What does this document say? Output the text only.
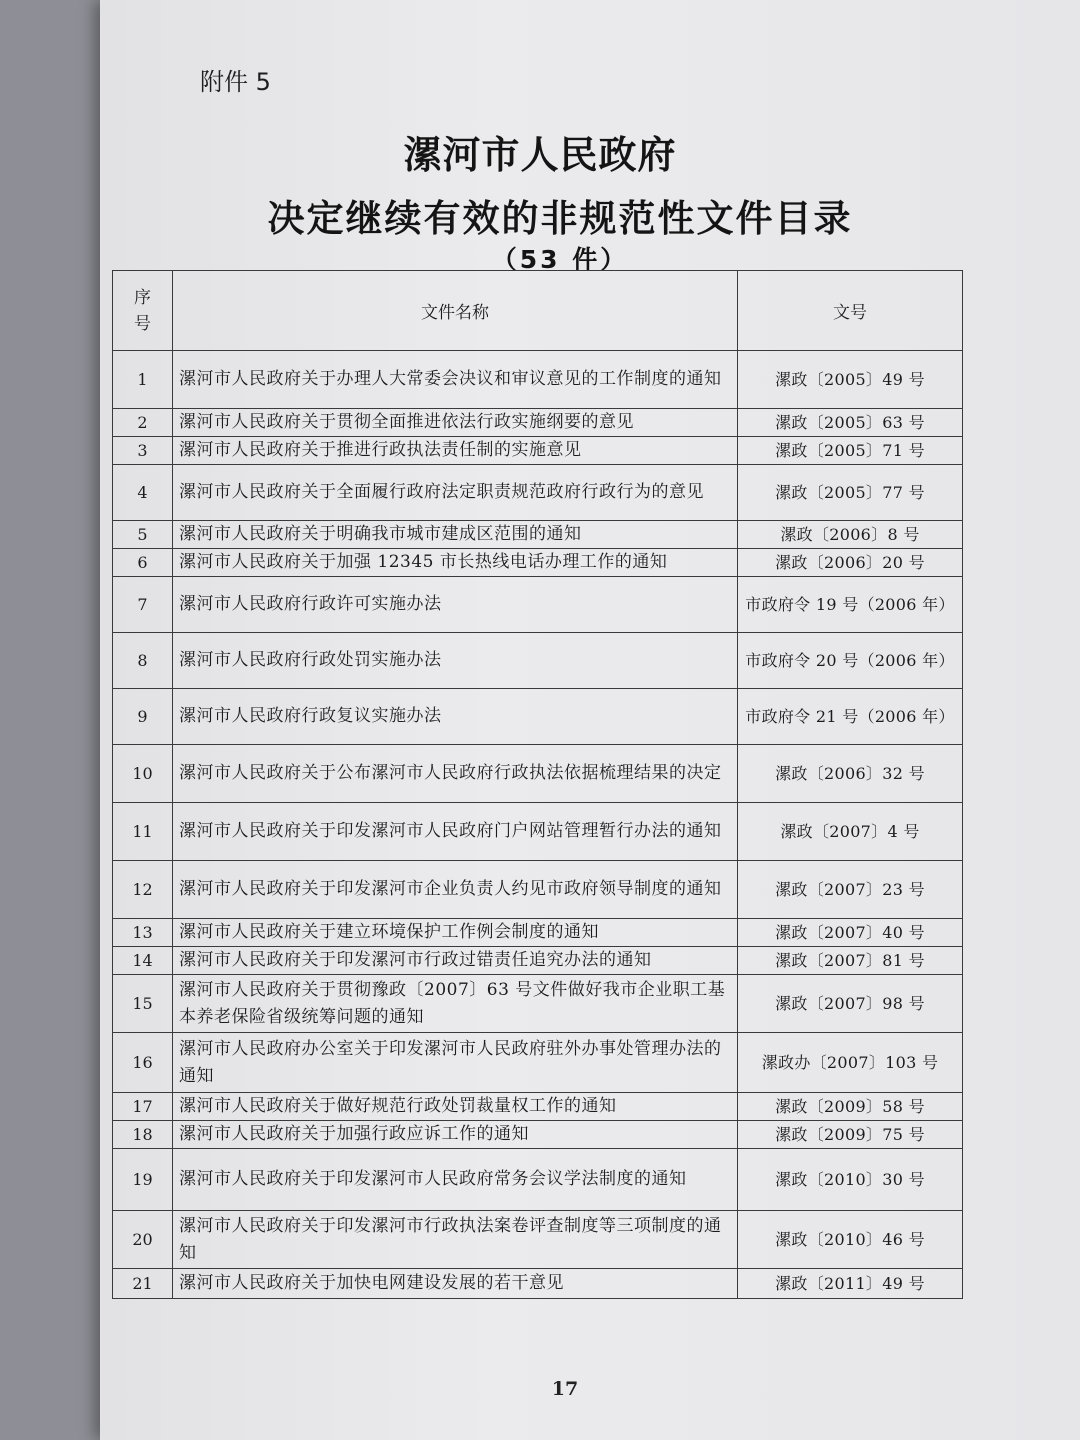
附件 5
漯河市人民政府
决定继续有效的非规范性文件目录
（53 件）
序
号	文件名称	文号
1	漯河市人民政府关于办理人大常委会决议和审议意见的工作制度的通知	漯政〔2005〕49 号
2	漯河市人民政府关于贯彻全面推进依法行政实施纲要的意见	漯政〔2005〕63 号
3	漯河市人民政府关于推进行政执法责任制的实施意见	漯政〔2005〕71 号
4	漯河市人民政府关于全面履行政府法定职责规范政府行政行为的意见	漯政〔2005〕77 号
5	漯河市人民政府关于明确我市城市建成区范围的通知	漯政〔2006〕8 号
6	漯河市人民政府关于加强 12345 市长热线电话办理工作的通知	漯政〔2006〕20 号
7	漯河市人民政府行政许可实施办法	市政府令 19 号（2006 年）
8	漯河市人民政府行政处罚实施办法	市政府令 20 号（2006 年）
9	漯河市人民政府行政复议实施办法	市政府令 21 号（2006 年）
10	漯河市人民政府关于公布漯河市人民政府行政执法依据梳理结果的决定	漯政〔2006〕32 号
11	漯河市人民政府关于印发漯河市人民政府门户网站管理暂行办法的通知	漯政〔2007〕4 号
12	漯河市人民政府关于印发漯河市企业负责人约见市政府领导制度的通知	漯政〔2007〕23 号
13	漯河市人民政府关于建立环境保护工作例会制度的通知	漯政〔2007〕40 号
14	漯河市人民政府关于印发漯河市行政过错责任追究办法的通知	漯政〔2007〕81 号
15	漯河市人民政府关于贯彻豫政〔2007〕63 号文件做好我市企业职工基本养老保险省级统筹问题的通知	漯政〔2007〕98 号
16	漯河市人民政府办公室关于印发漯河市人民政府驻外办事处管理办法的通知	漯政办〔2007〕103 号
17	漯河市人民政府关于做好规范行政处罚裁量权工作的通知	漯政〔2009〕58 号
18	漯河市人民政府关于加强行政应诉工作的通知	漯政〔2009〕75 号
19	漯河市人民政府关于印发漯河市人民政府常务会议学法制度的通知	漯政〔2010〕30 号
20	漯河市人民政府关于印发漯河市行政执法案卷评查制度等三项制度的通知	漯政〔2010〕46 号
21	漯河市人民政府关于加快电网建设发展的若干意见	漯政〔2011〕49 号
17
